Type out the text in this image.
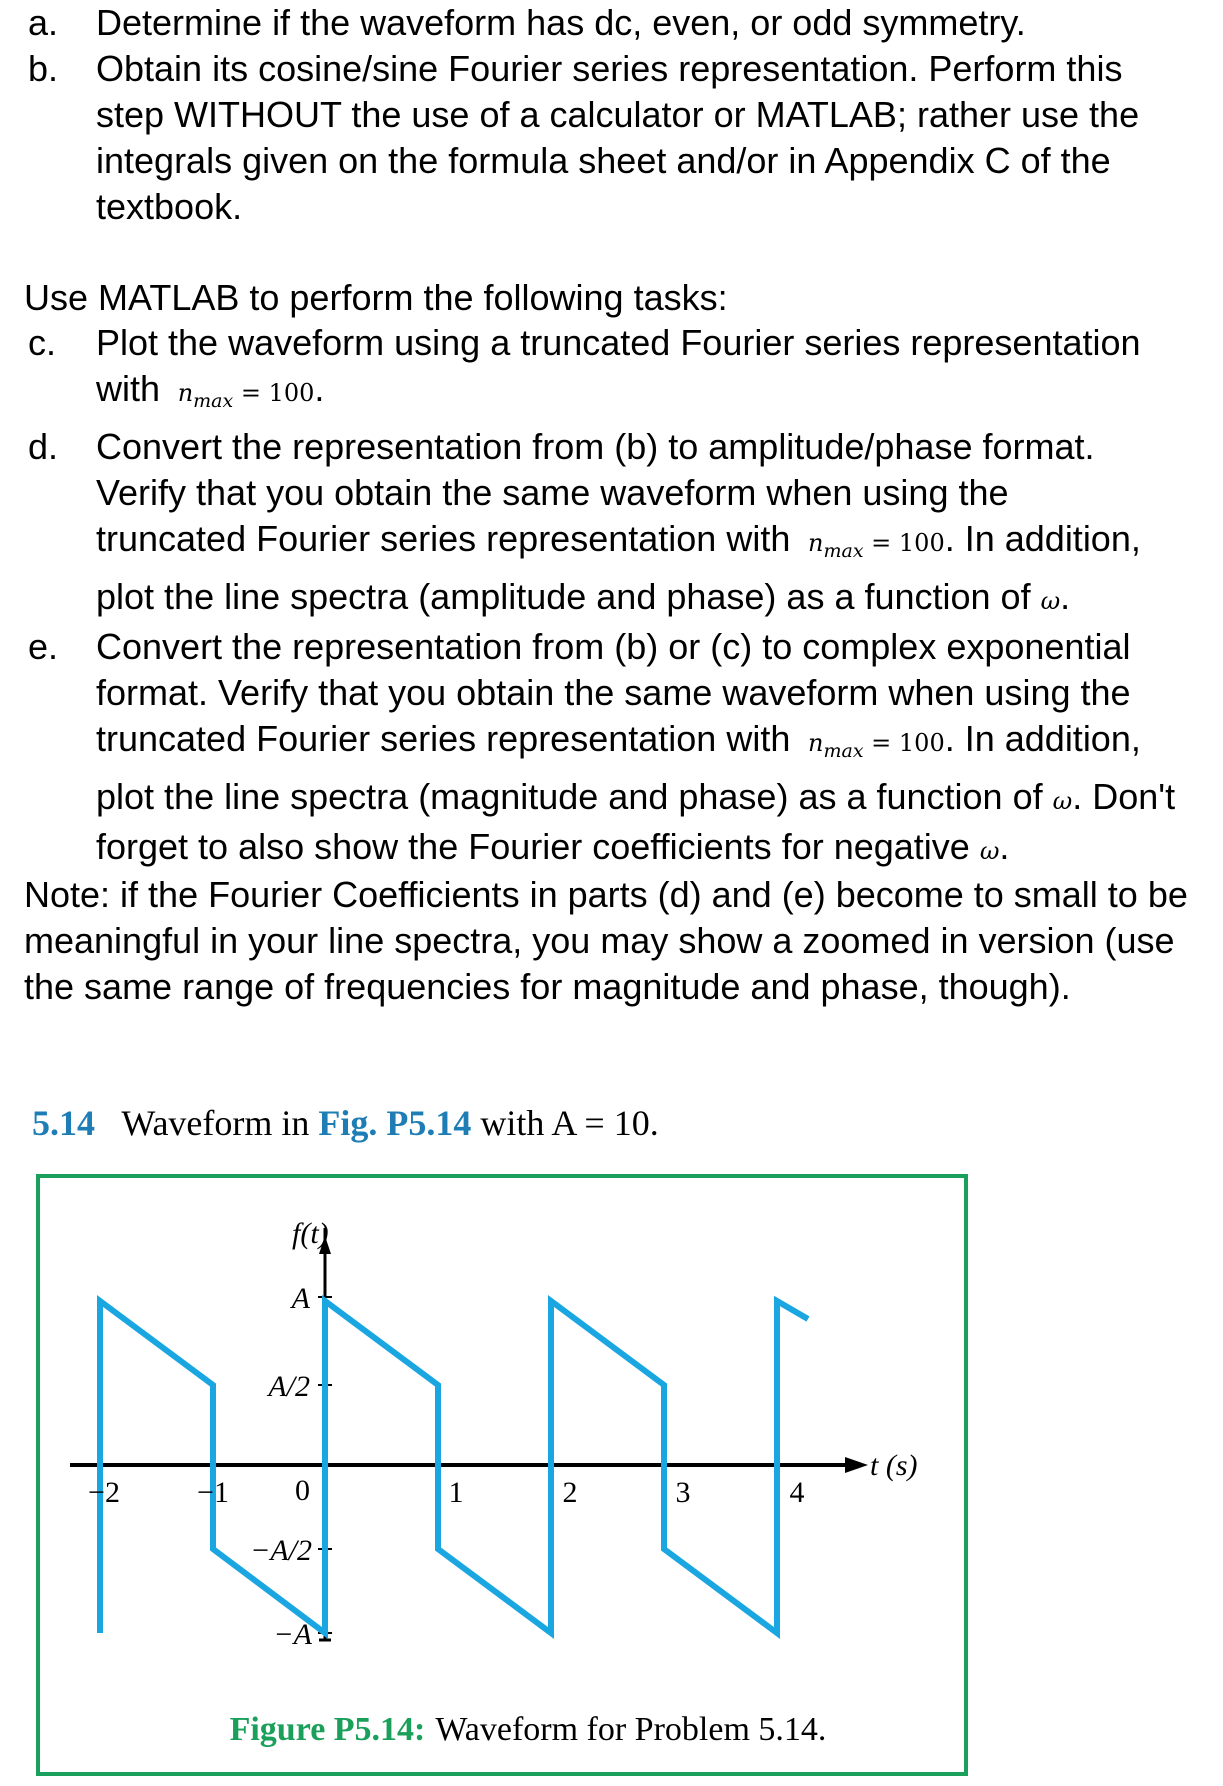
a. Determine if the waveform has dc, even, or odd symmetry.
b. Obtain its cosine/sine Fourier series representation. Perform this step WITHOUT the use of a calculator or MATLAB; rather use the integrals given on the formula sheet and/or in Appendix C of the textbook.

Use MATLAB to perform the following tasks:

c. Plot the waveform using a truncated Fourier series representation with $n_{max} = 100$.
d. Convert the representation from (b) to amplitude/phase format. Verify that you obtain the same waveform when using the truncated Fourier series representation with $n_{max} = 100$. In addition, plot the line spectra (amplitude and phase) as a function of ω.
e. Convert the representation from (b) or (c) to complex exponential format. Verify that you obtain the same waveform when using the truncated Fourier series representation with $n_{max} = 100$. In addition, plot the line spectra (magnitude and phase) as a function of ω. Don't forget to also show the Fourier coefficients for negative ω.

Note: if the Fourier Coefficients in parts (d) and (e) become to small to be meaningful in your line spectra, you may show a zoomed in version (use the same range of frequencies for magnitude and phase, though).

5.14 Waveform in Fig. P5.14 with A = 10.
f(t)
t (s)
A
A/2
0
−A/2
−A
−2	−1	1	2	3	4
Figure P5.14: Waveform for Problem 5.14.
